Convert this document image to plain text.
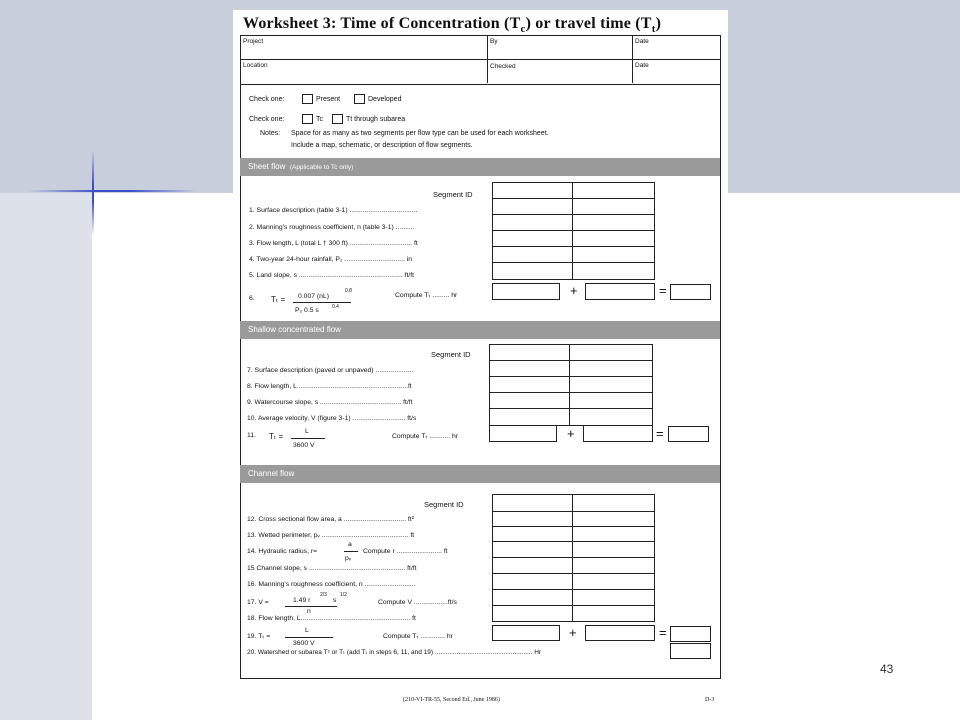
43
Worksheet 3: Time of Concentration $(T_c)$ or travel time $(T_t)$
Project	By	Date
Location	Checked	Date
Check one:	Present	Developed
Check one:	Tc	Tt through subarea
Notes: Space for as many as two segments per flow type can be used for each worksheet.
Include a map, schematic, or description of flow segments.
Sheet flow (Applicable to Tc only)
Segment ID
1. Surface description (table 3-1) ....................................
2. Manning's roughness coefficient, n (table 3-1) ..........
3. Flow length, L (total L † 300 ft) ................................. ft
4. Two-year 24-hour rainfall, P₂ ................................ in
5. Land slope, s ....................................................... ft/ft
6. Tₜ = 0.007 (nL)
0.8
P₂ 0.5 s	0.4
Compute Tₜ ......... hr	+	=
Shallow concentrated flow
Segment ID
7. Surface description (paved or unpaved) ....................
8. Flow length, L ..........................................................ft
9. Watercourse slope, s ........................................... ft/ft
10. Average velocity, V (figure 3-1) ............................ ft/s
11. Tₜ =
L
3600 V
Compute Tₜ ........... hr	+	=
Channel flow
Segment ID
12. Cross sectional flow area, a ................................. ft²
13. Wetted perimeter, pᵥ .............................................. ft
14. Hydraulic radius, r=
a
pᵥ
Compute r ........................ ft
15 Channel slope, s ................................................... ft/ft
16. Manning's roughness coefficient, n ...........................
17. V =	1.49 r
2/3
s
1/2
n
Compute V ..................ft/s
18. Flow length, L.......................................................... ft
19. Tₜ =
L
3600 V
Compute Tₜ ............. hr	+	=
20. Watershed or subarea Tᶜ or Tₜ (add Tₜ in steps 6, 11, and 19) ...................................................... Hr
(210-VI-TR-55, Second Ed., June 1986)	D-3
